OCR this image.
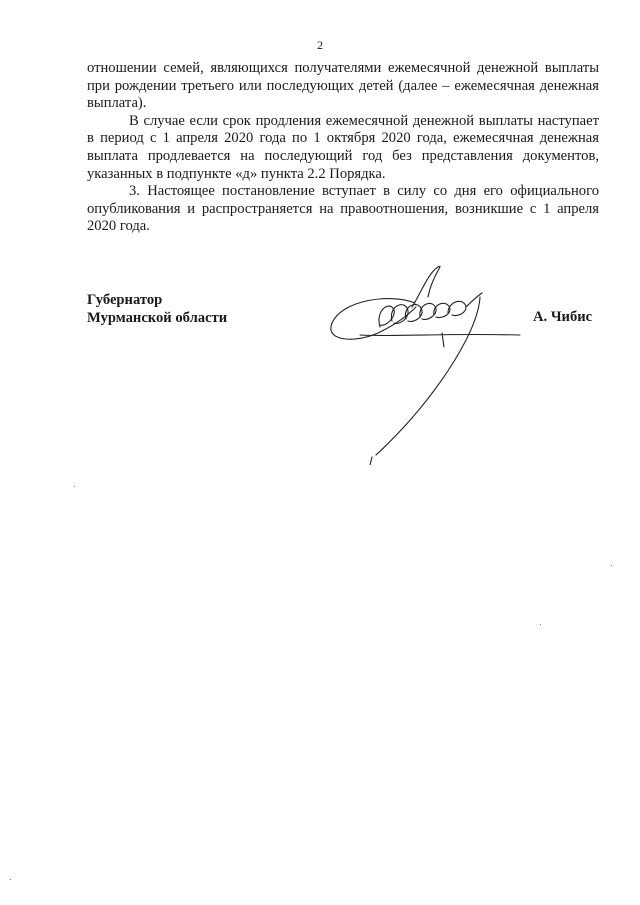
2

отношении семей, являющихся получателями ежемесячной денежной выплаты при рождении третьего или последующих детей (далее – ежемесячная денежная выплата).

В случае если срок продления ежемесячной денежной выплаты наступает в период с 1 апреля 2020 года по 1 октября 2020 года, ежемесячная денежная выплата продлевается на последующий год без представления документов, указанных в подпункте «д» пункта 2.2 Порядка.

3. Настоящее постановление вступает в силу со дня его официального опубликования и распространяется на правоотношения, возникшие с 1 апреля 2020 года.

Губернатор
Мурманской области	А. Чибис
